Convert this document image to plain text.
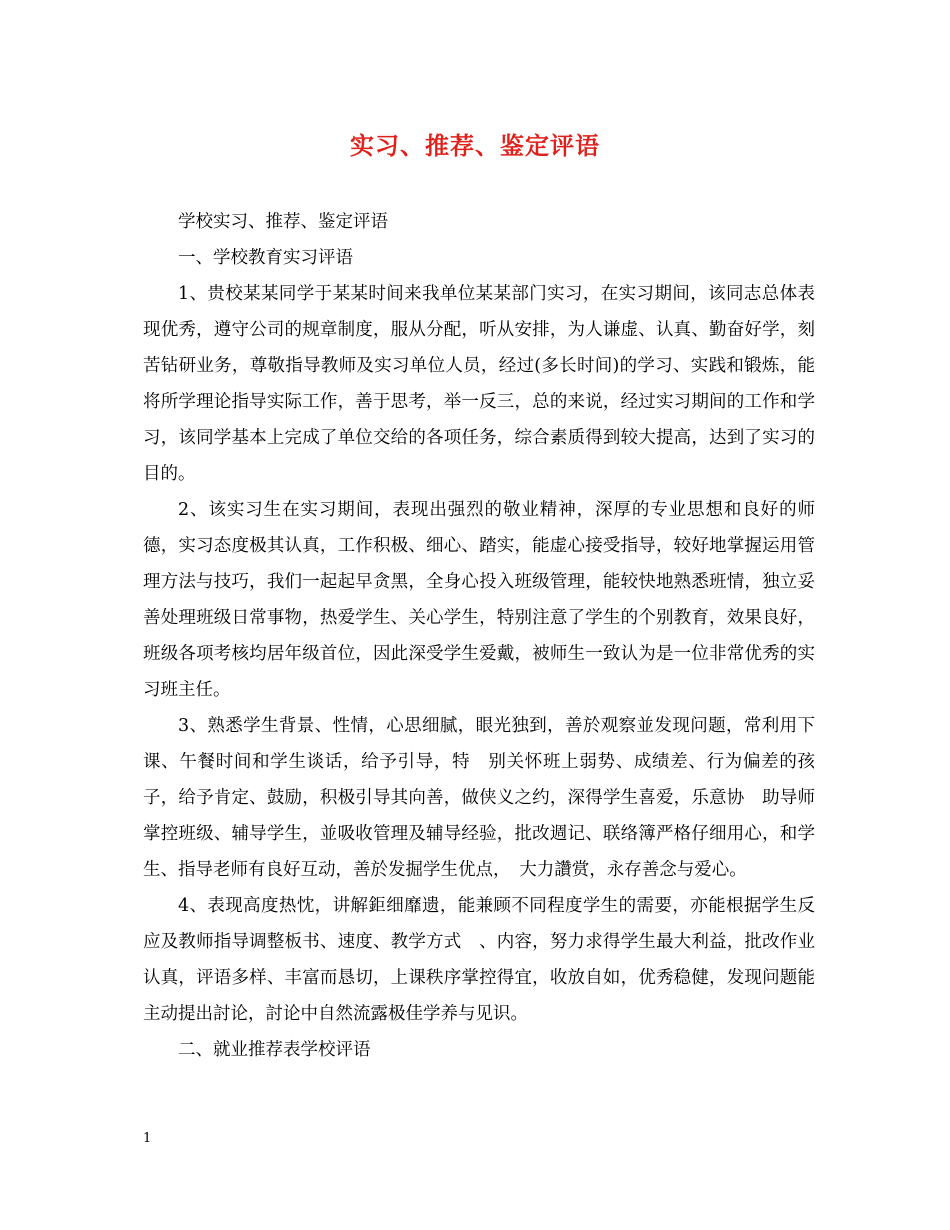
实习、推荐、鉴定评语

学校实习、推荐、鉴定评语

一、学校教育实习评语

1、贵校某某同学于某某时间来我单位某某部门实习，在实习期间，该同志总体表现优秀，遵守公司的规章制度，服从分配，听从安排，为人谦虚、认真、勤奋好学，刻苦钻研业务，尊敬指导教师及实习单位人员，经过(多长时间)的学习、实践和锻炼，能将所学理论指导实际工作，善于思考，举一反三，总的来说，经过实习期间的工作和学习，该同学基本上完成了单位交给的各项任务，综合素质得到较大提高，达到了实习的目的。

2、该实习生在实习期间，表现出强烈的敬业精神，深厚的专业思想和良好的师德，实习态度极其认真，工作积极、细心、踏实，能虚心接受指导，较好地掌握运用管理方法与技巧，我们一起起早贪黑，全身心投入班级管理，能较快地熟悉班情，独立妥善处理班级日常事物，热爱学生、关心学生，特别注意了学生的个别教育，效果良好，班级各项考核均居年级首位，因此深受学生爱戴，被师生一致认为是一位非常优秀的实习班主任。

3、熟悉学生背景、性情，心思细腻，眼光独到，善於观察並发现问题，常利用下课、午餐时间和学生谈话，给予引导，特　别关怀班上弱势、成绩差、行为偏差的孩子，给予肯定、鼓励，积极引导其向善，做侠义之约，深得学生喜爱，乐意协　助导师掌控班级、辅导学生，並吸收管理及辅导经验，批改週记、联络簿严格仔细用心，和学生、指导老师有良好互动，善於发掘学生优点，　大力讚赏，永存善念与爱心。

4、表现高度热忱，讲解鉅细靡遗，能兼顾不同程度学生的需要，亦能根据学生反应及教师指导调整板书、速度、教学方式　、内容，努力求得学生最大利益，批改作业认真，评语多样、丰富而恳切，上课秩序掌控得宜，收放自如，优秀稳健，发现问题能主动提出討论，討论中自然流露极佳学养与见识。

二、就业推荐表学校评语

1
